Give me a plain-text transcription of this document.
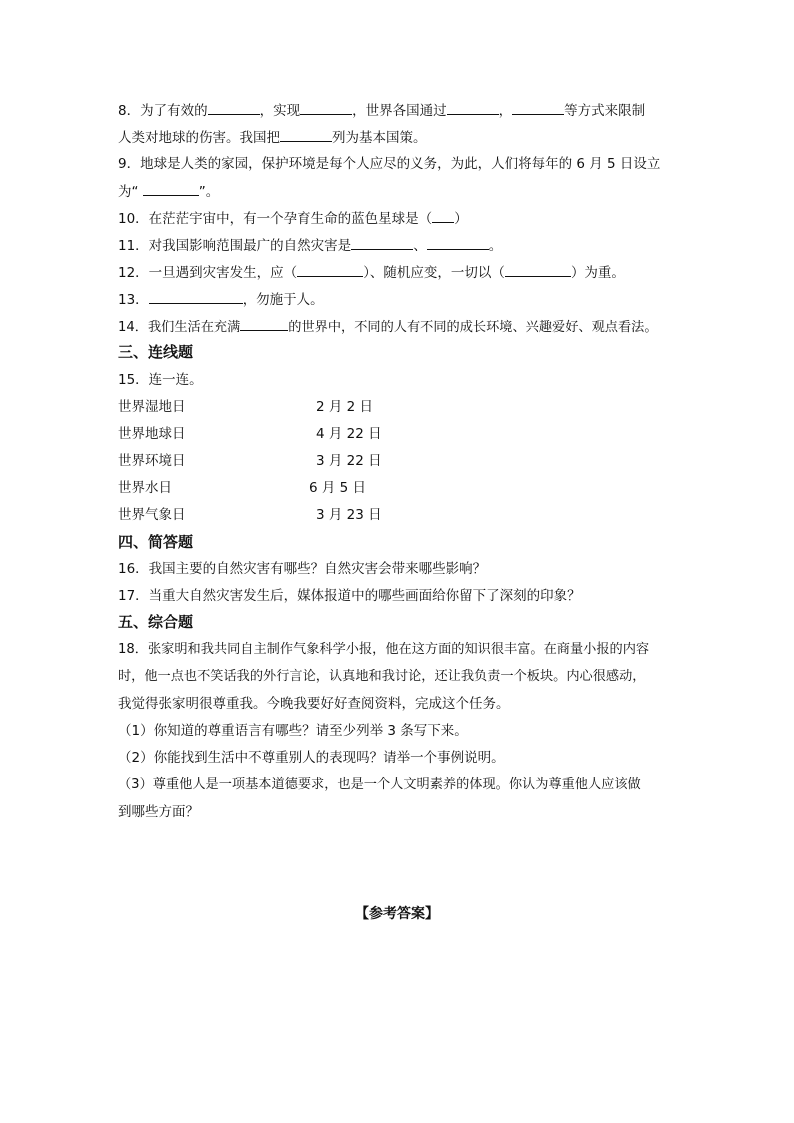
8．为了有效的	，实现	，世界各国通过	，	等方式来限制
人类对地球的伤害。我国把	列为基本国策。
9．地球是人类的家园，保护环境是每个人应尽的义务，为此，人们将每年的 6 月 5 日设立
为“	”。
10．在茫茫宇宙中，有一个孕育生命的蓝色星球是（ ）
11．对我国影响范围最广的自然灾害是	、	。
12．一旦遇到灾害发生，应（	）、随机应变，一切以（	）为重。
13．	，勿施于人。
14．我们生活在充满	的世界中，不同的人有不同的成长环境、兴趣爱好、观点看法。
三、连线题
15．连一连。
世界湿地日	2 月 2 日
世界地球日	4 月 22 日
世界环境日	3 月 22 日
世界水日	6 月 5 日
世界气象日	3 月 23 日
四、简答题
16．我国主要的自然灾害有哪些？自然灾害会带来哪些影响？
17．当重大自然灾害发生后，媒体报道中的哪些画面给你留下了深刻的印象？
五、综合题
18．张家明和我共同自主制作气象科学小报，他在这方面的知识很丰富。在商量小报的内容
时，他一点也不笑话我的外行言论，认真地和我讨论，还让我负责一个板块。内心很感动，
我觉得张家明很尊重我。今晚我要好好查阅资料，完成这个任务。
（1）你知道的尊重语言有哪些？请至少列举 3 条写下来。
（2）你能找到生活中不尊重别人的表现吗？请举一个事例说明。
（3）尊重他人是一项基本道德要求，也是一个人文明素养的体现。你认为尊重他人应该做
到哪些方面？
【参考答案】
